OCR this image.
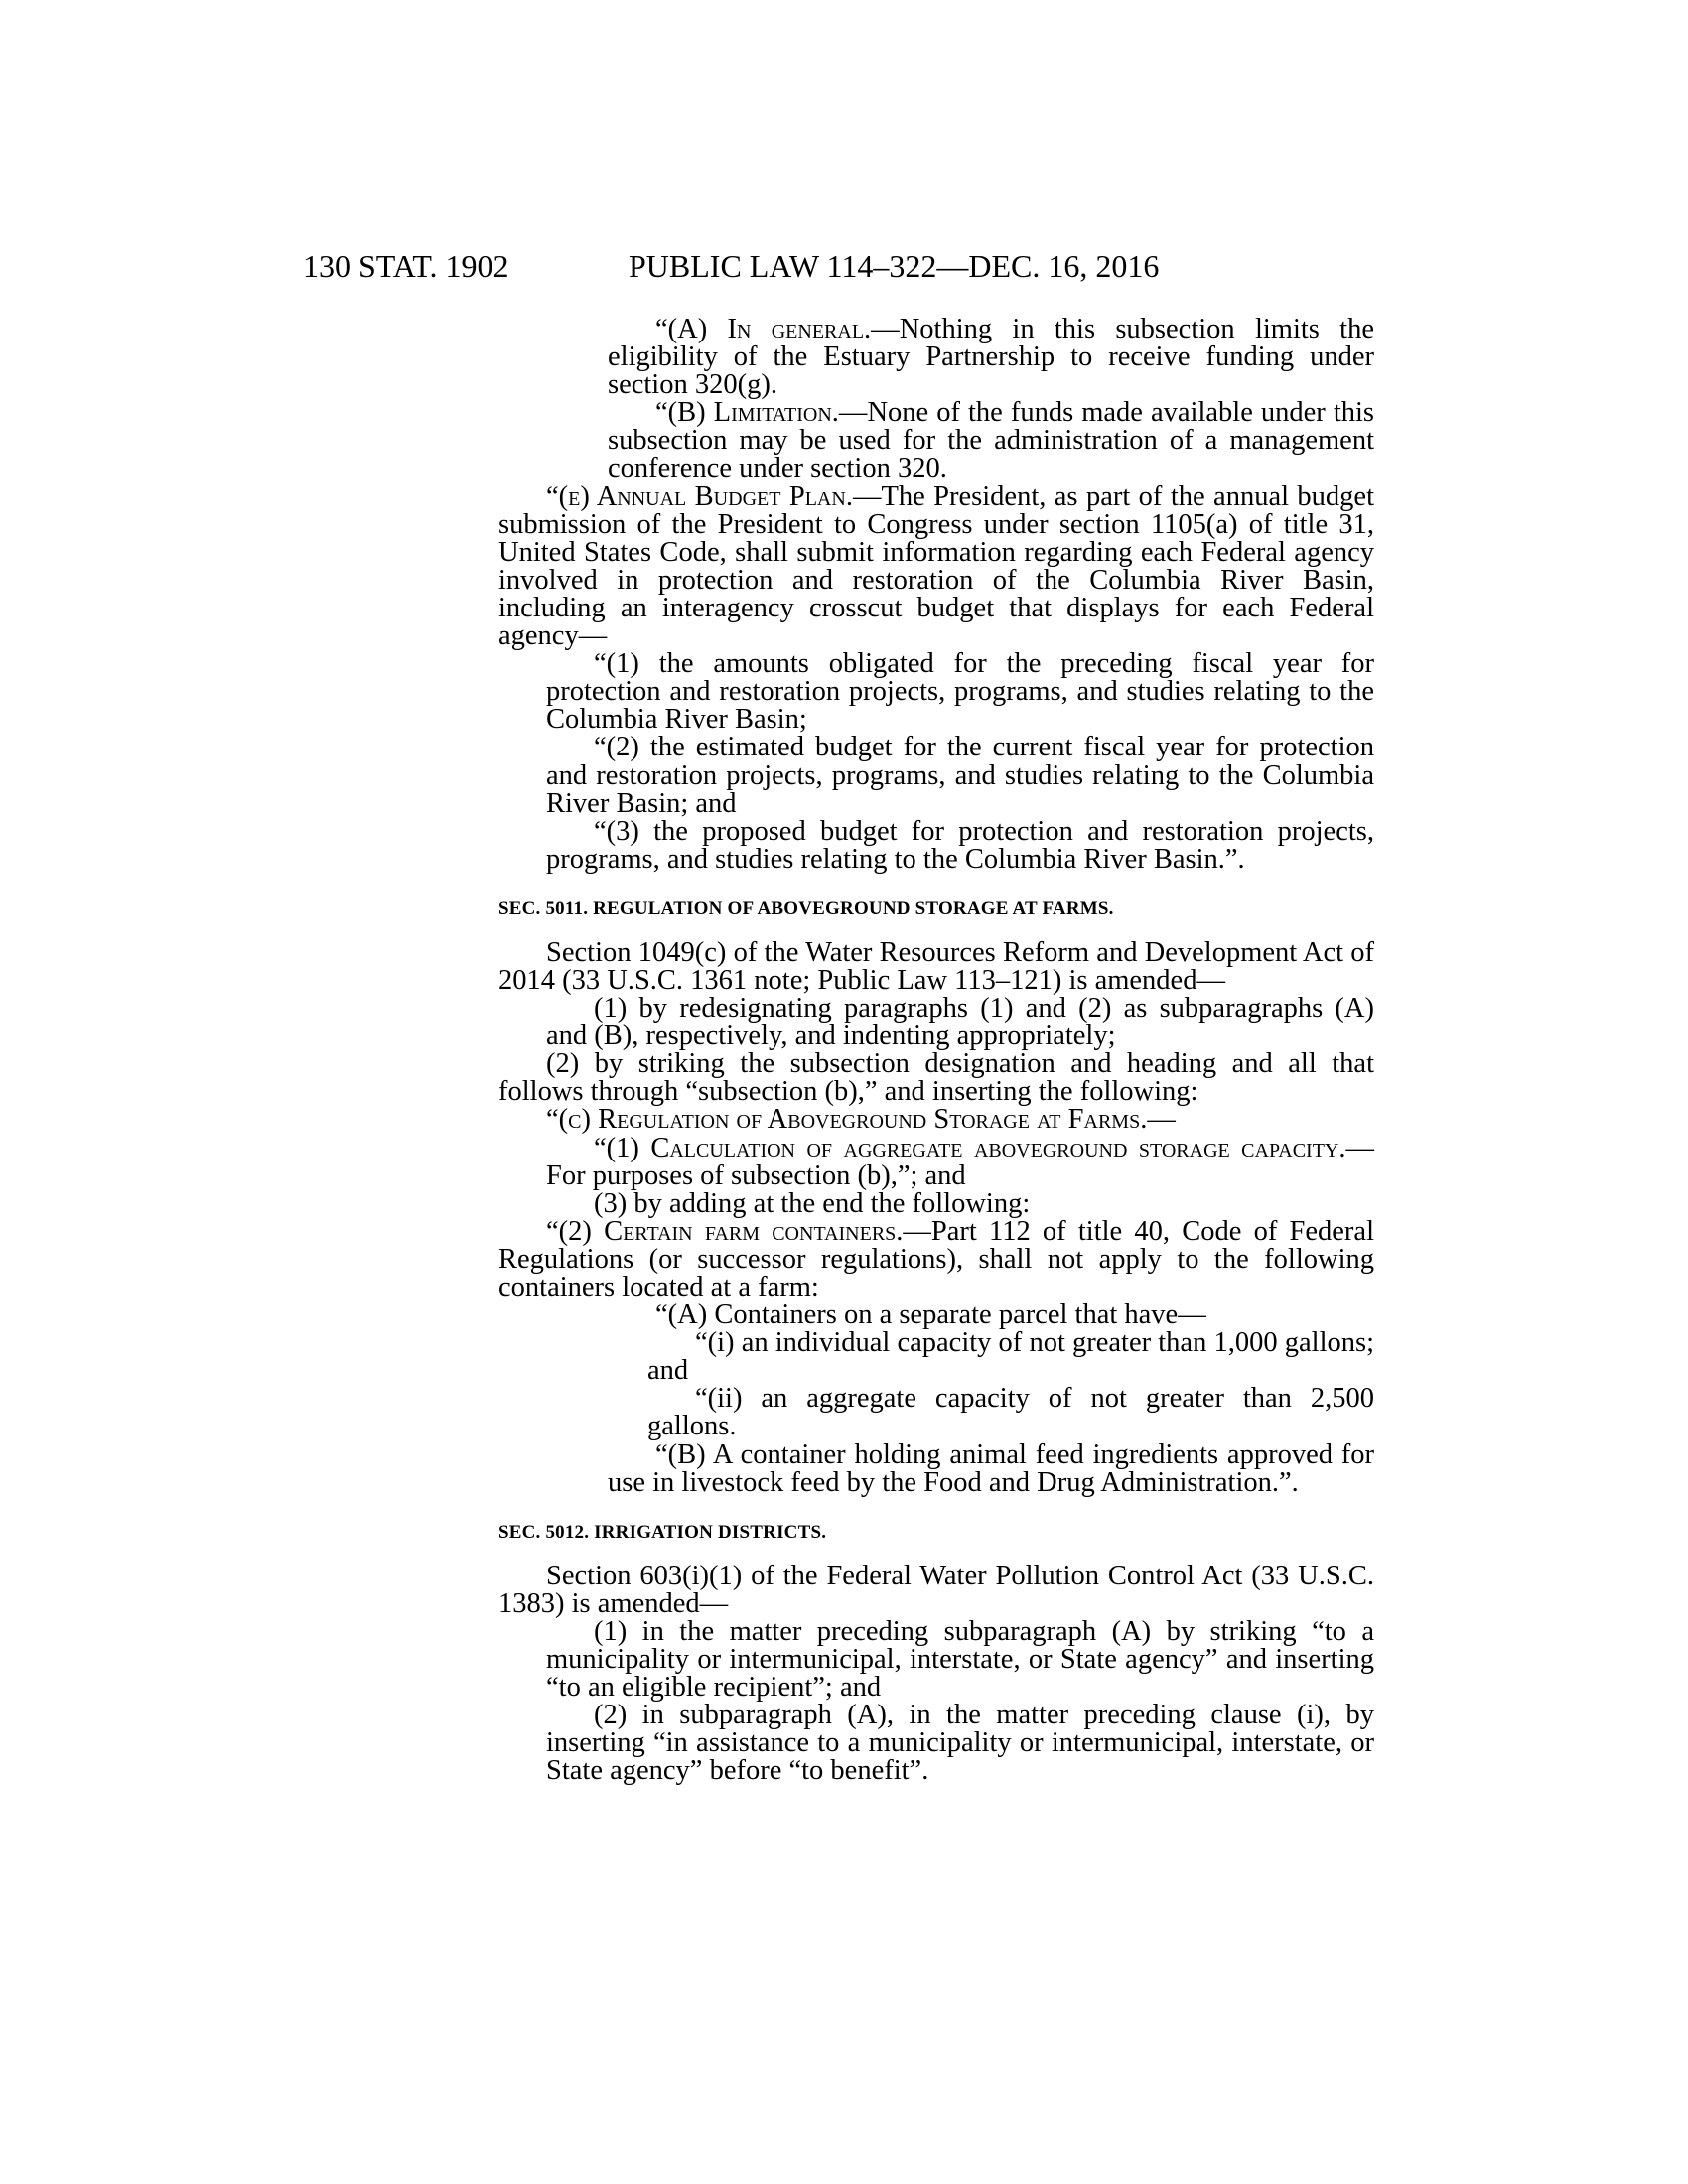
130 STAT. 1902	PUBLIC LAW 114–322—DEC. 16, 2016

“(A) In general.—Nothing in this subsection limits the eligibility of the Estuary Partnership to receive funding under section 320(g).

“(B) Limitation.—None of the funds made available under this subsection may be used for the administration of a management conference under section 320.

“(e) Annual Budget Plan.—The President, as part of the annual budget submission of the President to Congress under section 1105(a) of title 31, United States Code, shall submit information regarding each Federal agency involved in protection and restoration of the Columbia River Basin, including an interagency crosscut budget that displays for each Federal agency—

“(1) the amounts obligated for the preceding fiscal year for protection and restoration projects, programs, and studies relating to the Columbia River Basin;

“(2) the estimated budget for the current fiscal year for protection and restoration projects, programs, and studies relating to the Columbia River Basin; and

“(3) the proposed budget for protection and restoration projects, programs, and studies relating to the Columbia River Basin.”.

SEC. 5011. REGULATION OF ABOVEGROUND STORAGE AT FARMS.

Section 1049(c) of the Water Resources Reform and Development Act of 2014 (33 U.S.C. 1361 note; Public Law 113–121) is amended—

(1) by redesignating paragraphs (1) and (2) as subparagraphs (A) and (B), respectively, and indenting appropriately;

(2) by striking the subsection designation and heading and all that follows through “subsection (b),” and inserting the following:

“(c) Regulation of Aboveground Storage at Farms.—

“(1) Calculation of aggregate aboveground storage capacity.—For purposes of subsection (b),”; and

(3) by adding at the end the following:

“(2) Certain farm containers.—Part 112 of title 40, Code of Federal Regulations (or successor regulations), shall not apply to the following containers located at a farm:

“(A) Containers on a separate parcel that have—

“(i) an individual capacity of not greater than 1,000 gallons; and

“(ii) an aggregate capacity of not greater than 2,500 gallons.

“(B) A container holding animal feed ingredients approved for use in livestock feed by the Food and Drug Administration.”.

SEC. 5012. IRRIGATION DISTRICTS.

Section 603(i)(1) of the Federal Water Pollution Control Act (33 U.S.C. 1383) is amended—

(1) in the matter preceding subparagraph (A) by striking “to a municipality or intermunicipal, interstate, or State agency” and inserting “to an eligible recipient”; and

(2) in subparagraph (A), in the matter preceding clause (i), by inserting “in assistance to a municipality or intermunicipal, interstate, or State agency” before “to benefit”.
